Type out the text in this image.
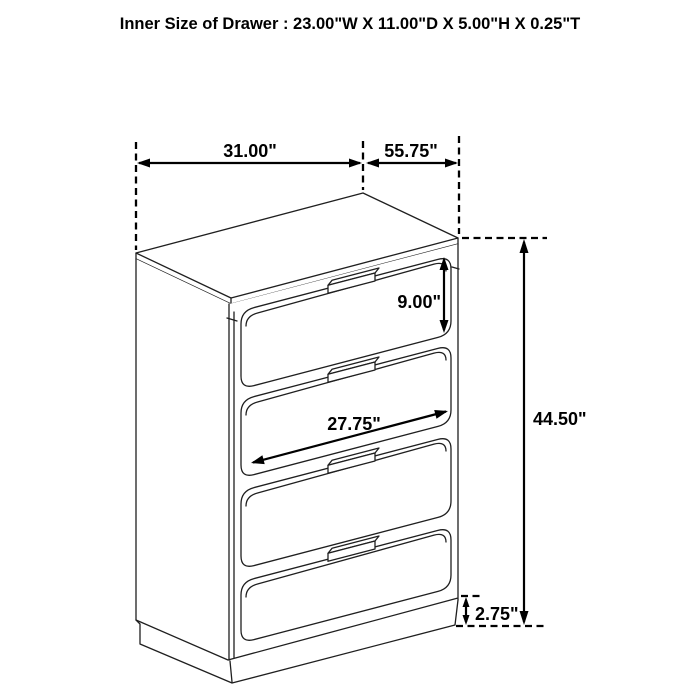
Inner Size of Drawer : 23.00"W X 11.00"D X 5.00"H X 0.25"T
31.00"	55.75"
9.00"
27.75"	44.50"
2.75"
